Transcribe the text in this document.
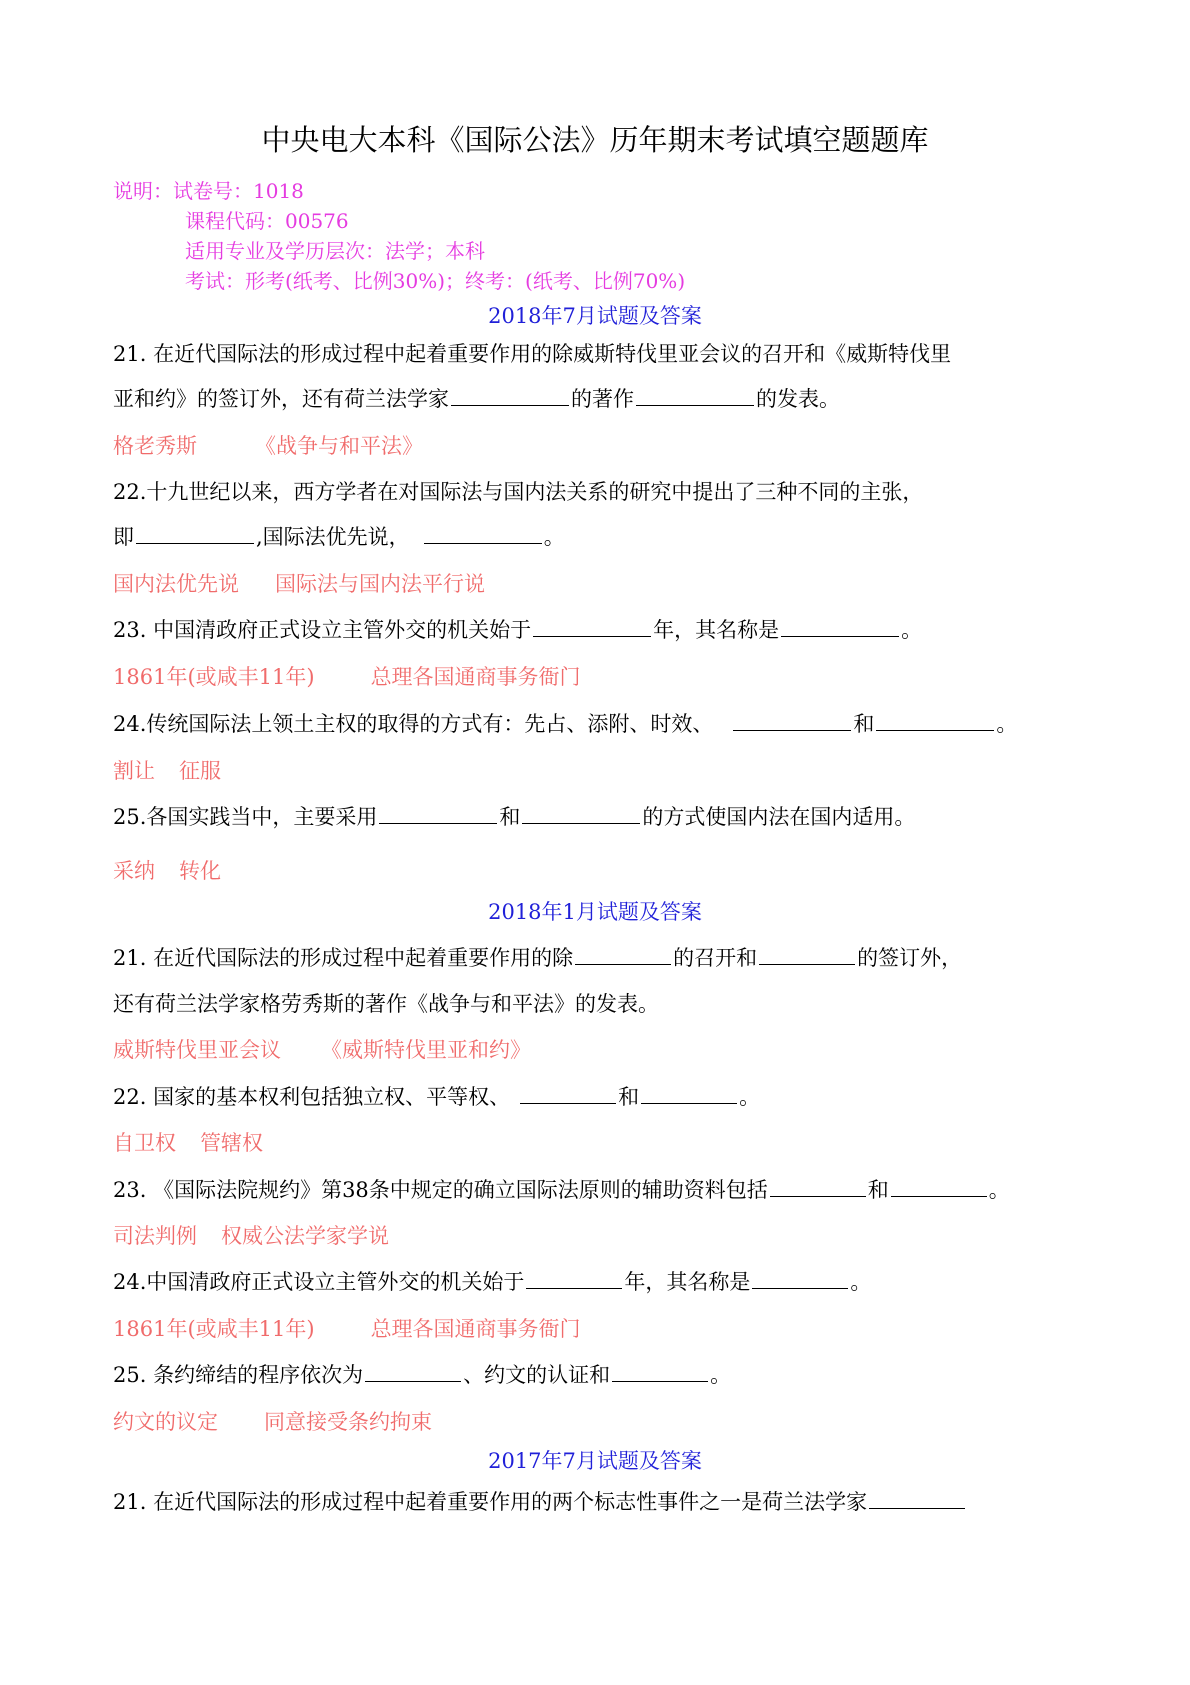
中央电大本科《国际公法》历年期末考试填空题题库
说明：试卷号：1018
课程代码：00576
适用专业及学历层次：法学；本科
考试：形考(纸考、比例30%)；终考：(纸考、比例70%)
2018年7月试题及答案
21. 在近代国际法的形成过程中起着重要作用的除威斯特伐里亚会议的召开和《威斯特伐里
亚和约》的签订外，还有荷兰法学家	的著作	的发表。
格老秀斯	《战争与和平法》
22.十九世纪以来，西方学者在对国际法与国内法关系的研究中提出了三种不同的主张，
即	,国际法优先说，	。
国内法优先说 国际法与国内法平行说
23. 中国清政府正式设立主管外交的机关始于	年，其名称是	。
1861年(或咸丰11年)	总理各国通商事务衙门
24.传统国际法上领土主权的取得的方式有：先占、添附、时效、	和	。
割让 征服
25.各国实践当中，主要采用	和	的方式使国内法在国内适用。
采纳 转化
2018年1月试题及答案
21. 在近代国际法的形成过程中起着重要作用的除	的召开和	的签订外，
还有荷兰法学家格劳秀斯的著作《战争与和平法》的发表。
威斯特伐里亚会议 《威斯特伐里亚和约》
22. 国家的基本权利包括独立权、平等权、	和	。
自卫权 管辖权
23. 《国际法院规约》第38条中规定的确立国际法原则的辅助资料包括	和	。
司法判例 权威公法学家学说
24.中国清政府正式设立主管外交的机关始于	年，其名称是	。
1861年(或咸丰11年)	总理各国通商事务衙门
25. 条约缔结的程序依次为	、约文的认证和	。
约文的议定 同意接受条约拘束
2017年7月试题及答案
21. 在近代国际法的形成过程中起着重要作用的两个标志性事件之一是荷兰法学家
